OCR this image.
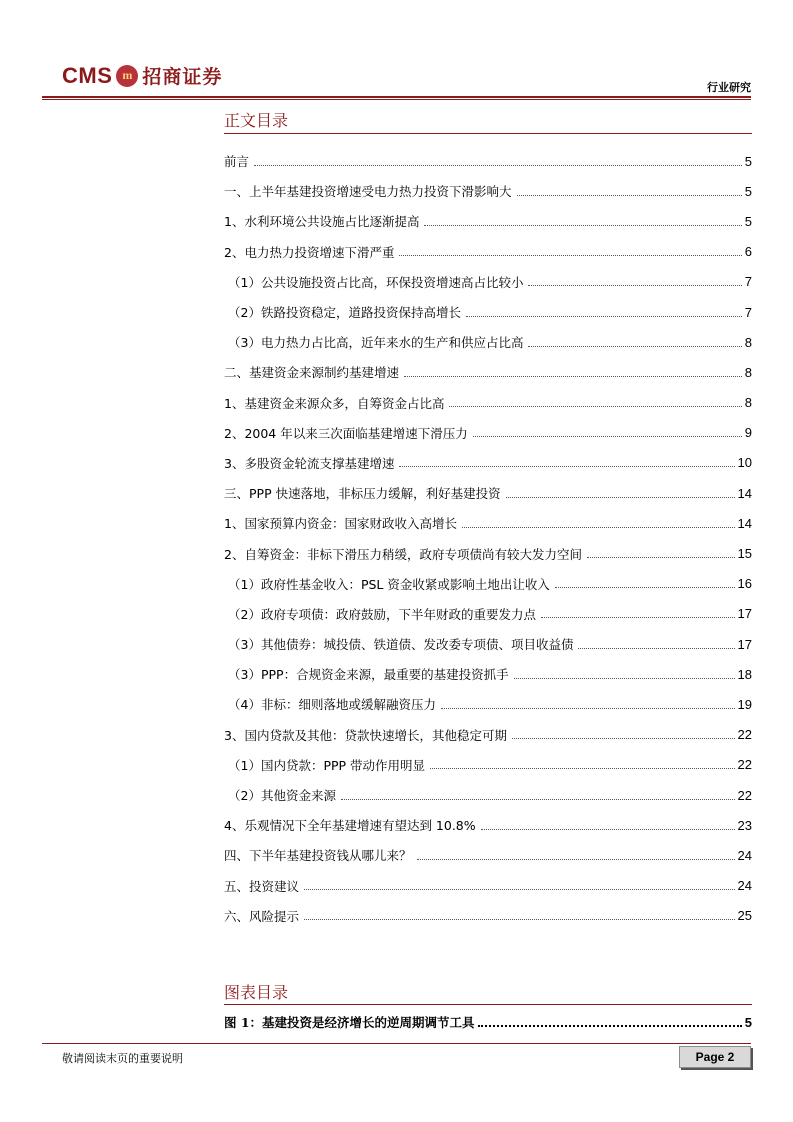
CMS m 招商证券	行业研究
正文目录
前言	5
一、上半年基建投资增速受电力热力投资下滑影响大	5
1、水利环境公共设施占比逐渐提高	5
2、电力热力投资增速下滑严重	6
（1）公共设施投资占比高，环保投资增速高占比较小	7
（2）铁路投资稳定，道路投资保持高增长	7
（3）电力热力占比高，近年来水的生产和供应占比高	8
二、基建资金来源制约基建增速	8
1、基建资金来源众多，自筹资金占比高	8
2、2004 年以来三次面临基建增速下滑压力	9
3、多股资金轮流支撑基建增速	10
三、PPP 快速落地，非标压力缓解，利好基建投资	14
1、国家预算内资金：国家财政收入高增长	14
2、自筹资金：非标下滑压力稍缓，政府专项债尚有较大发力空间	15
（1）政府性基金收入：PSL 资金收紧或影响土地出让收入	16
（2）政府专项债：政府鼓励，下半年财政的重要发力点	17
（3）其他债券：城投债、铁道债、发改委专项债、项目收益债	17
（3）PPP：合规资金来源，最重要的基建投资抓手	18
（4）非标：细则落地或缓解融资压力	19
3、国内贷款及其他：贷款快速增长，其他稳定可期	22
（1）国内贷款：PPP 带动作用明显	22
（2）其他资金来源	22
4、乐观情况下全年基建增速有望达到 10.8%	23
四、下半年基建投资钱从哪儿来？	24
五、投资建议	24
六、风险提示	25
图表目录
图 1：基建投资是经济增长的逆周期调节工具	5
敬请阅读末页的重要说明	Page 2
